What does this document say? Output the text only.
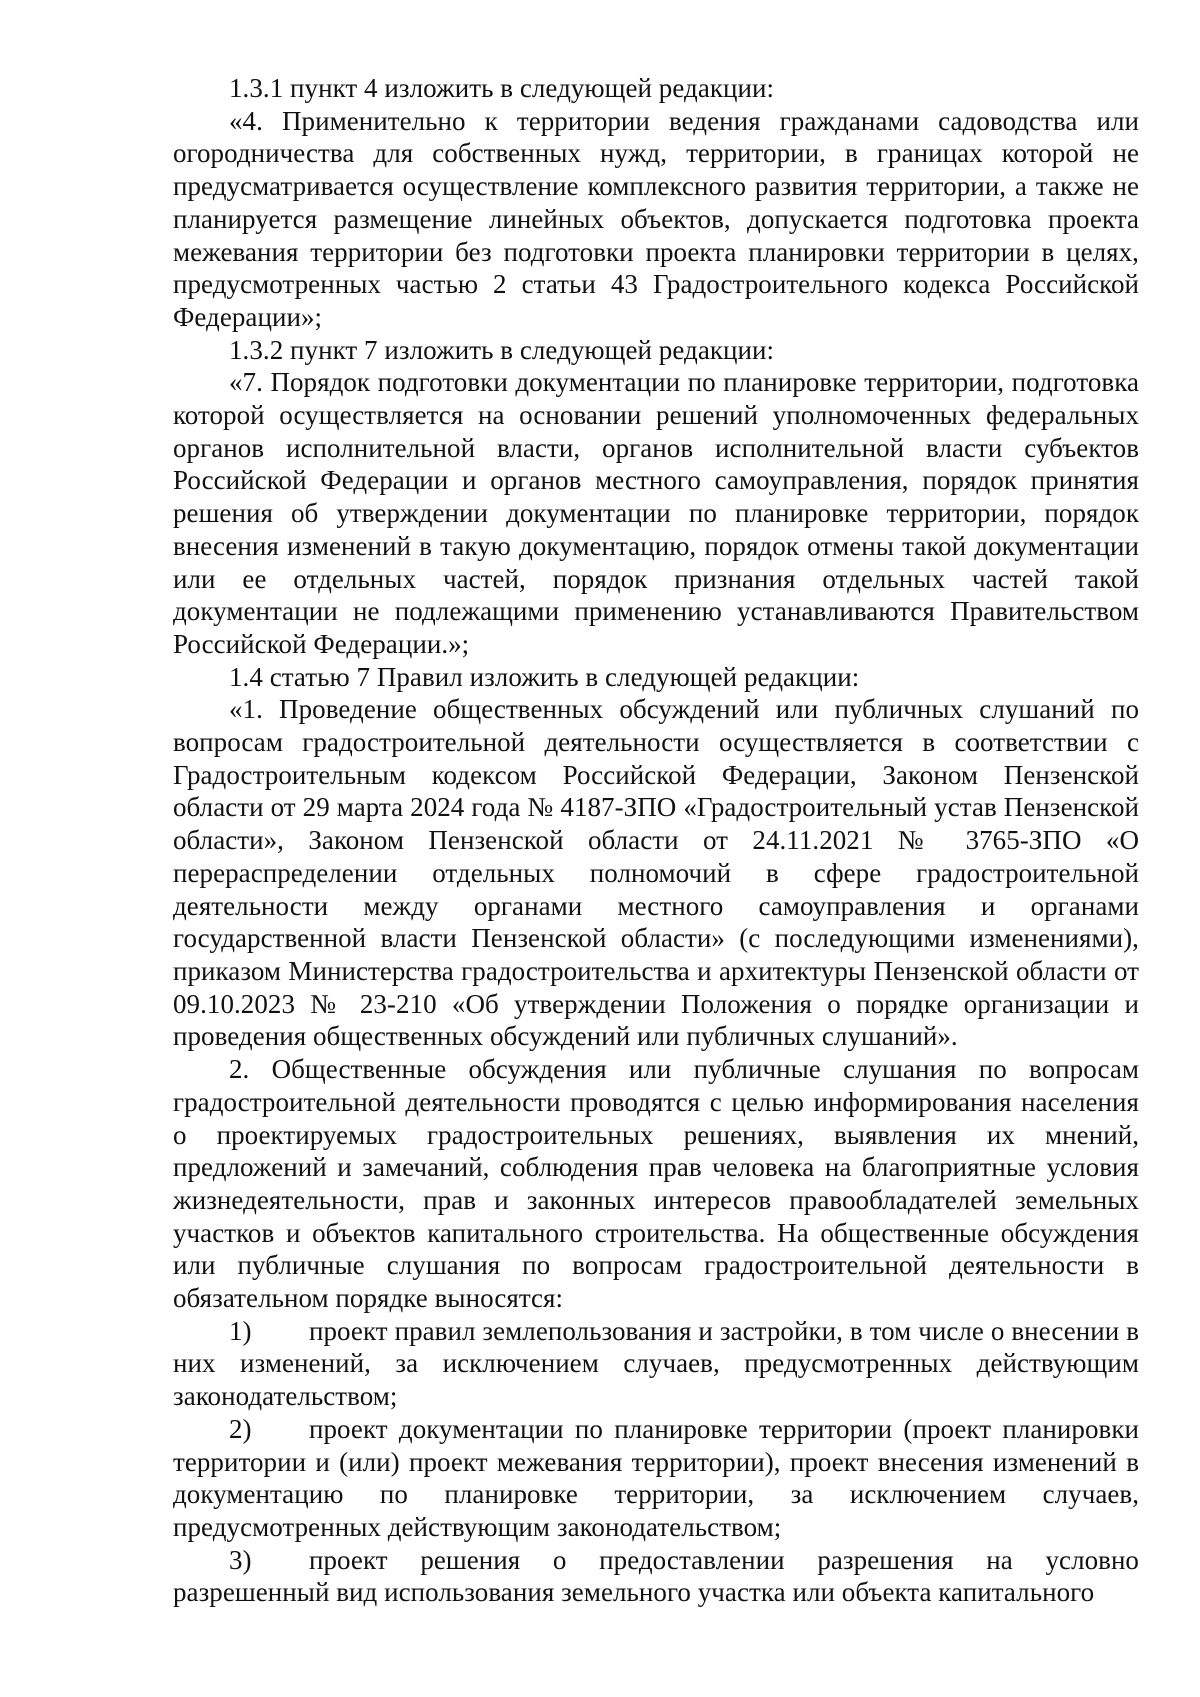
1.3.1 пункт 4 изложить в следующей редакции:

«4. Применительно к территории ведения гражданами садоводства или огородничества для собственных нужд, территории, в границах которой не предусматривается осуществление комплексного развития территории, а также не планируется размещение линейных объектов, допускается подготовка проекта межевания территории без подготовки проекта планировки территории в целях, предусмотренных частью 2 статьи 43 Градостроительного кодекса Российской Федерации»;

1.3.2 пункт 7 изложить в следующей редакции:

«7. Порядок подготовки документации по планировке территории, подготовка которой осуществляется на основании решений уполномоченных федеральных органов исполнительной власти, органов исполнительной власти субъектов Российской Федерации и органов местного самоуправления, порядок принятия решения об утверждении документации по планировке территории, порядок внесения изменений в такую документацию, порядок отмены такой документации или ее отдельных частей, порядок признания отдельных частей такой документации не подлежащими применению устанавливаются Правительством Российской Федерации.»;

1.4 статью 7 Правил изложить в следующей редакции:

«1. Проведение общественных обсуждений или публичных слушаний по вопросам градостроительной деятельности осуществляется в соответствии с Градостроительным кодексом Российской Федерации, Законом Пензенской области от 29 марта 2024 года № 4187-ЗПО «Градостроительный устав Пензенской области», Законом Пензенской области от 24.11.2021 № 3765-ЗПО «О перераспределении отдельных полномочий в сфере градостроительной деятельности между органами местного самоуправления и органами государственной власти Пензенской области» (с последующими изменениями), приказом Министерства градостроительства и архитектуры Пензенской области от 09.10.2023 № 23-210 «Об утверждении Положения о порядке организации и проведения общественных обсуждений или публичных слушаний».

2. Общественные обсуждения или публичные слушания по вопросам градостроительной деятельности проводятся с целью информирования населения о проектируемых градостроительных решениях, выявления их мнений, предложений и замечаний, соблюдения прав человека на благоприятные условия жизнедеятельности, прав и законных интересов правообладателей земельных участков и объектов капитального строительства. На общественные обсуждения или публичные слушания по вопросам градостроительной деятельности в обязательном порядке выносятся:

1) проект правил землепользования и застройки, в том числе о внесении в них изменений, за исключением случаев, предусмотренных действующим законодательством;

2) проект документации по планировке территории (проект планировки территории и (или) проект межевания территории), проект внесения изменений в документацию по планировке территории, за исключением случаев, предусмотренных действующим законодательством;

3) проект решения о предоставлении разрешения на условно разрешенный вид использования земельного участка или объекта капитального
